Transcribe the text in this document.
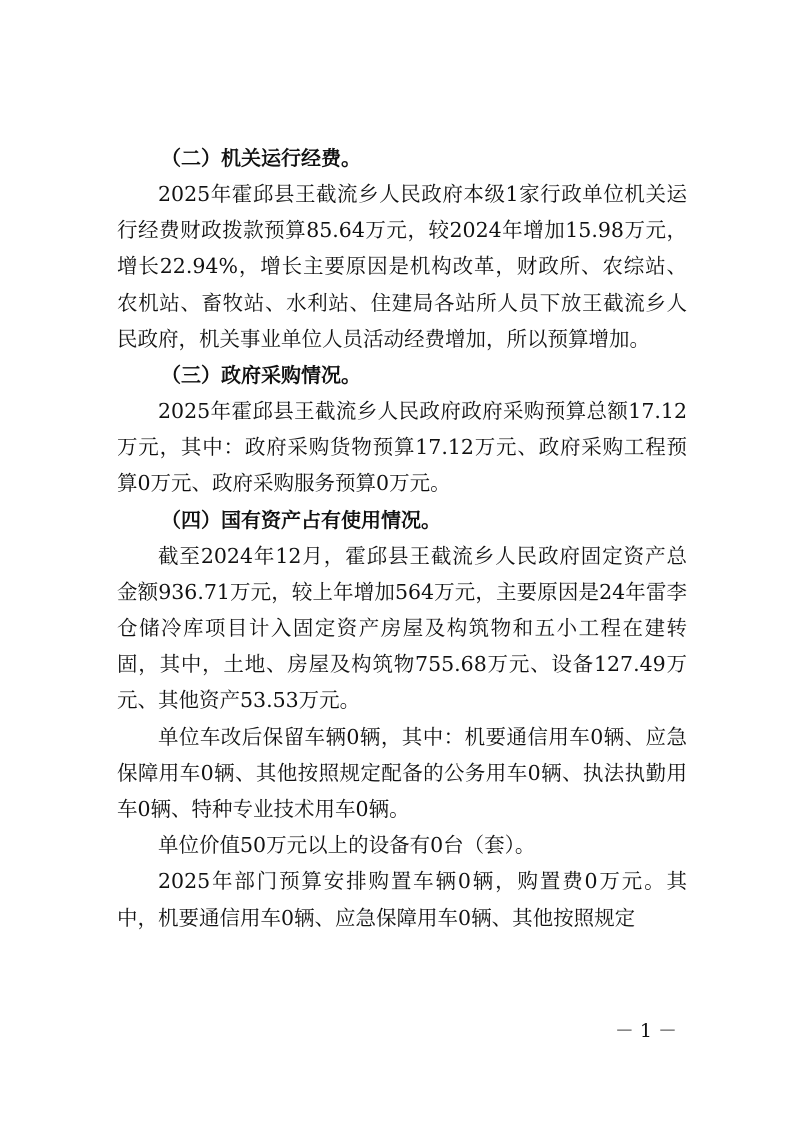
（二）机关运行经费。

2025年霍邱县王截流乡人民政府本级1家行政单位机关运行经费财政拨款预算85.64万元，较2024年增加15.98万元，增长22.94%，增长主要原因是机构改革，财政所、农综站、农机站、畜牧站、水利站、住建局各站所人员下放王截流乡人民政府，机关事业单位人员活动经费增加，所以预算增加。

（三）政府采购情况。

2025年霍邱县王截流乡人民政府政府采购预算总额17.12万元，其中：政府采购货物预算17.12万元、政府采购工程预算0万元、政府采购服务预算0万元。

（四）国有资产占有使用情况。

截至2024年12月，霍邱县王截流乡人民政府固定资产总金额936.71万元，较上年增加564万元，主要原因是24年雷李仓储冷库项目计入固定资产房屋及构筑物和五小工程在建转固，其中，土地、房屋及构筑物755.68万元、设备127.49万元、其他资产53.53万元。

单位车改后保留车辆0辆，其中：机要通信用车0辆、应急保障用车0辆、其他按照规定配备的公务用车0辆、执法执勤用车0辆、特种专业技术用车0辆。

单位价值50万元以上的设备有0台（套）。

2025年部门预算安排购置车辆0辆，购置费0万元。其中，机要通信用车0辆、应急保障用车0辆、其他按照规定

－ 1 －
